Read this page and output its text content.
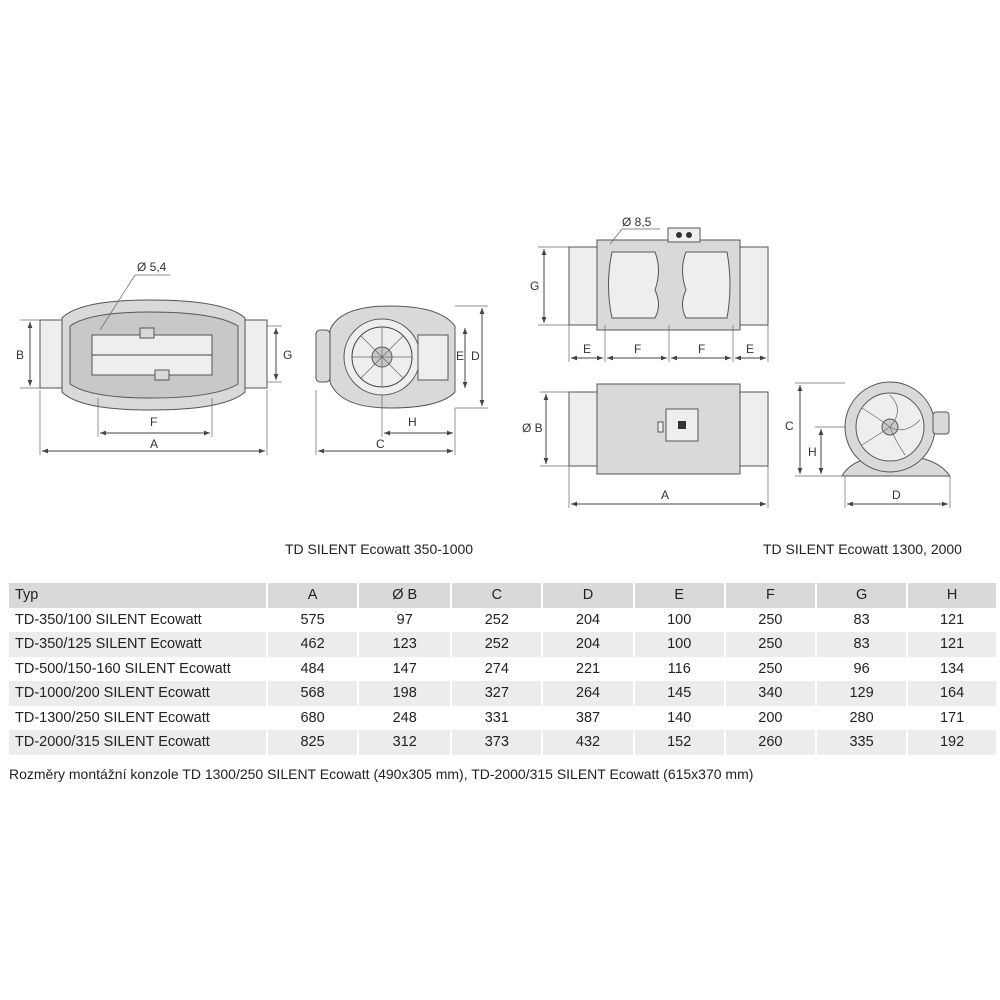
Ø 5,4
B	G
F
A
E D
H
C
Ø 8,5
G
E	F	F	E
Ø B
A
C
H
D
TD SILENT Ecowatt 350-1000	TD SILENT Ecowatt 1300, 2000
Typ	A	Ø B	C	D	E	F	G	H
TD-350/100 SILENT Ecowatt	575	97	252	204	100	250	83	121
TD-350/125 SILENT Ecowatt	462	123	252	204	100	250	83	121
TD-500/150-160 SILENT Ecowatt	484	147	274	221	116	250	96	134
TD-1000/200 SILENT Ecowatt	568	198	327	264	145	340	129	164
TD-1300/250 SILENT Ecowatt	680	248	331	387	140	200	280	171
TD-2000/315 SILENT Ecowatt	825	312	373	432	152	260	335	192
Rozměry montážní konzole TD 1300/250 SILENT Ecowatt (490x305 mm), TD-2000/315 SILENT Ecowatt (615x370 mm)
